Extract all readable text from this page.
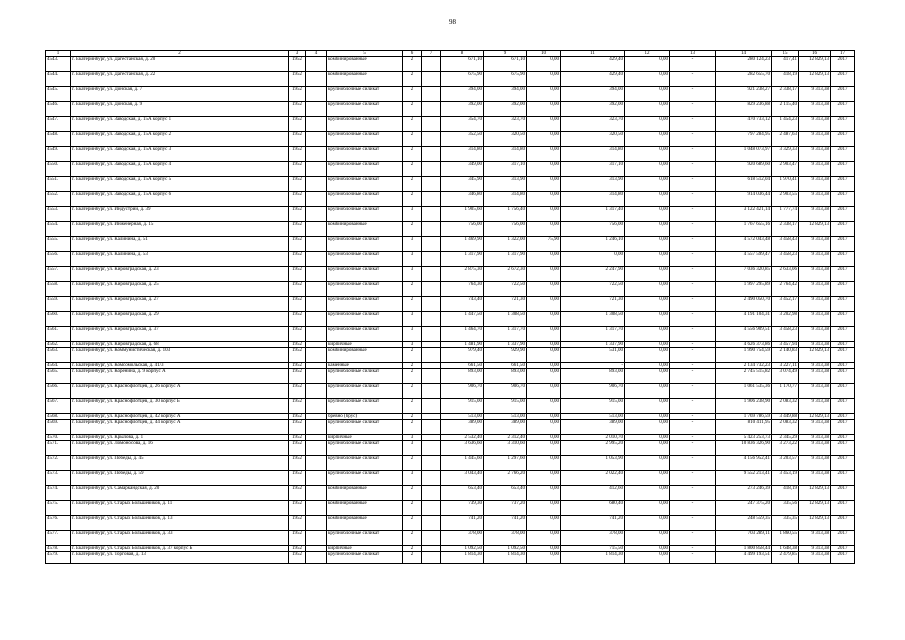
98
1	2	3	4	5	6	7	8	9	10	11	12	13	14	15	16	17
4543.	г. Екатеринбург, ул. Дагестанская, д. 20	1952		комбинированные	2		671,10	671,10	0,00	429,40	0,00	-	280 124,23	417,41	12 829,13	2017
4544.	г. Екатеринбург, ул. Дагестанская, д. 22	1952		комбинированные	2		675,90	675,90	0,00	429,40	0,00	-	282 655,70	418,19	12 829,13	2017
4545.	г. Екатеринбург, ул. Донская, д. 7	1952		крупноблочные силикат	2		394,00	394,00	0,00	394,00	0,00	-	921 238,27	2 338,17	9 313,38	2017
4546.	г. Екатеринбург, ул. Донская, д. 9	1952		крупноблочные силикат	2		392,00	392,00	0,00	392,00	0,00	-	829 236,88	2 115,40	9 313,38	2017
4547.	г. Екатеринбург, ул. Заводская, д. 15А корпус 1	1952		крупноблочные силикат	2		354,70	323,70	0,00	323,70	0,00	-	470 733,12	1 454,23	9 313,38	2017
4548.	г. Екатеринбург, ул. Заводская, д. 15А корпус 2	1952		крупноблочные силикат	2		352,50	320,50	0,00	320,50	0,00	-	797 284,95	2 487,63	9 313,38	2017
4549.	г. Екатеринбург, ул. Заводская, д. 15А корпус 3	1952		крупноблочные силикат	2		314,80	314,80	0,00	314,80	0,00	-	1 048 073,97	3 329,33	9 313,38	2017
4550.	г. Екатеринбург, ул. Заводская, д. 15А корпус 4	1952		крупноблочные силикат	2		349,00	317,10	0,00	317,10	0,00	-	920 689,60	2 903,47	9 313,38	2017
4551.	г. Екатеринбург, ул. Заводская, д. 15А корпус 5	1952		крупноблочные силикат	2		345,90	313,90	0,00	313,90	0,00	-	618 512,04	1 970,41	9 313,38	2017
4552.	г. Екатеринбург, ул. Заводская, д. 15А корпус 6	1952		крупноблочные силикат	2		346,80	314,80	0,00	314,80	0,00	-	914 036,44	2 903,55	9 313,38	2017
4553.	г. Екатеринбург, ул. Индустрии, д. 39	1952		крупноблочные силикат	3		1 905,60	1 756,40	0,00	1 317,40	0,00	-	3 122 421,14	1 777,74	9 313,38	2017
4554.	г. Екатеринбург, ул. Инженерная, д. 15	1952		комбинированные	2		756,00	756,00	0,00	756,00	0,00	-	1 767 655,16	2 338,17	12 829,13	2017
4555.	г. Екатеринбург, ул. Калинина, д. 51	1952		крупноблочные силикат	3		1 469,90	1 322,00	75,90	1 246,10	0,00	-	4 572 043,48	3 458,43	9 313,38	2017
4556.	г. Екатеринбург, ул. Калинина, д. 53	1952		крупноблочные силикат	3		1 317,90	1 317,90	0,00	0,00	0,00	-	4 557 599,47	3 458,23	9 313,38	2017
4557.	г. Екатеринбург, ул. Кировградская, д. 23	1952		крупноблочные силикат	3		2 875,30	2 672,30	0,00	2 247,90	0,00	-	7 036 320,85	2 633,06	9 313,38	2017
4558.	г. Екатеринбург, ул. Кировградская, д. 25	1952		крупноблочные силикат	2		764,30	722,50	0,00	722,50	0,00	-	1 997 295,89	2 764,42	9 313,38	2017
4559.	г. Екатеринбург, ул. Кировградская, д. 27	1952		крупноблочные силикат	2		743,40	721,30	0,00	721,30	0,00	-	2 490 050,70	3 452,17	9 313,38	2017
4560.	г. Екатеринбург, ул. Кировградская, д. 29	1952		крупноблочные силикат	3		1 447,50	1 308,50	0,00	1 308,50	0,00	-	4 191 104,31	3 202,98	9 313,38	2017
4561.	г. Екатеринбург, ул. Кировградская, д. 37	1952		крупноблочные силикат	3		1 464,70	1 317,70	0,00	1 317,70	0,00	-	4 556 909,51	3 458,23	9 313,38	2017
4562.	г. Екатеринбург, ул. Кировградская, д. 68	1952		кирпичные	3		1 481,90	1 337,90	0,00	1 337,90	0,00	-	4 626 373,86	3 457,94	9 313,38	2017
4563.	г. Екатеринбург, ул. Коммунистическая, д. 103	1952		комбинированные	2		979,40	929,90	0,00	531,00	0,00	-	1 990 754,59	2 140,83	12 829,13	2017
4564.	г. Екатеринбург, ул. Комсомольская, д. 41/3	1952		каменные	2		661,50	661,50	0,00	-	0,00	-	2 134 732,23	3 227,11	9 313,38	2017
4565.	г. Екатеринбург, ул. Коренина, д. 9 корпус А	1952		крупноблочные силикат	2		893,00	893,00	0,00	893,00	0,00	-	2 745 515,82	3 074,49	9 313,38	2017
4566.	г. Екатеринбург, ул. Краснофлотцев, д. 26 корпус А	1952		крупноблочные силикат	2		906,70	906,70	0,00	906,70	0,00	-	1 061 535,36	1 170,77	9 313,38	2017
4567.	г. Екатеринбург, ул. Краснофлотцев, д. 30 корпус Б	1952		крупноблочные силикат	2		915,00	915,00	0,00	915,00	0,00	-	1 906 238,90	2 083,32	9 313,38	2017
4568.	г. Екатеринбург, ул. Краснофлотцев, д. 42 корпус А	1952		бревно (брус)	2		513,00	513,00	0,00	513,00	0,00	-	1 769 786,59	3 449,88	12 829,13	2017
4569.	г. Екатеринбург, ул. Краснофлотцев, д. 44 корпус А	1952		крупноблочные силикат	2		389,00	389,00	0,00	389,00	0,00	-	810 411,95	2 083,32	9 313,38	2017
4570.	г. Екатеринбург, ул. Крылова, д. 1	1952		кирпичные	3		2 532,40	2 312,40	0,00	2 010,70	0,00	-	5 423 253,73	2 345,29	9 313,38	2017
4571.	г. Екатеринбург, ул. Ломоносова, д. 16	1952		крупноблочные силикат	3		3 636,60	3 310,60	0,00	2 995,20	0,00	-	10 836 326,90	3 273,22	9 313,38	2017
4572.	г. Екатеринбург, ул. Победы, д. 45	1952		крупноблочные силикат	2		1 445,60	1 297,60	0,00	1 053,90	0,00	-	4 156 952,41	3 203,57	9 313,38	2017
4573.	г. Екатеринбург, ул. Победы, д. 59	1952		крупноблочные силикат	3		3 043,40	2 766,20	0,00	2 022,40	0,00	-	9 552 213,41	3 453,19	9 313,38	2017
4574.	г. Екатеринбург, ул. Самаркандская, д. 20	1952		комбинированные	2		653,40	653,40	0,00	412,60	0,00	-	273 246,39	418,19	12 829,13	2017
4575.	г. Екатеринбург, ул. Старых Большевиков, д. 11	1952		комбинированные	2		739,30	737,20	0,00	680,40	0,00	-	247 375,20	335,56	12 829,13	2017
4576.	г. Екатеринбург, ул. Старых Большевиков, д. 13	1952		комбинированные	2		741,20	741,20	0,00	741,20	0,00	-	248 559,35	335,35	12 829,13	2017
4577.	г. Екатеринбург, ул. Старых Большевиков, д. 33	1952		крупноблочные силикат	2		378,00	378,00	0,00	378,00	0,00	-	703 289,11	1 860,55	9 313,38	2017
4578.	г. Екатеринбург, ул. Старых Большевиков, д. 37 корпус Б	1952		кирпичные	2		1 092,50	1 092,50	0,00	715,50	0,00	-	1 800 858,44	1 648,38	9 313,38	2017
4579.	г. Екатеринбург, ул. Торговая, д. 13	1952		крупноблочные силикат	2		1 814,30	1 814,30	0,00	1 814,30	0,00	-	4 499 193,51	2 479,85	9 313,38	2017
